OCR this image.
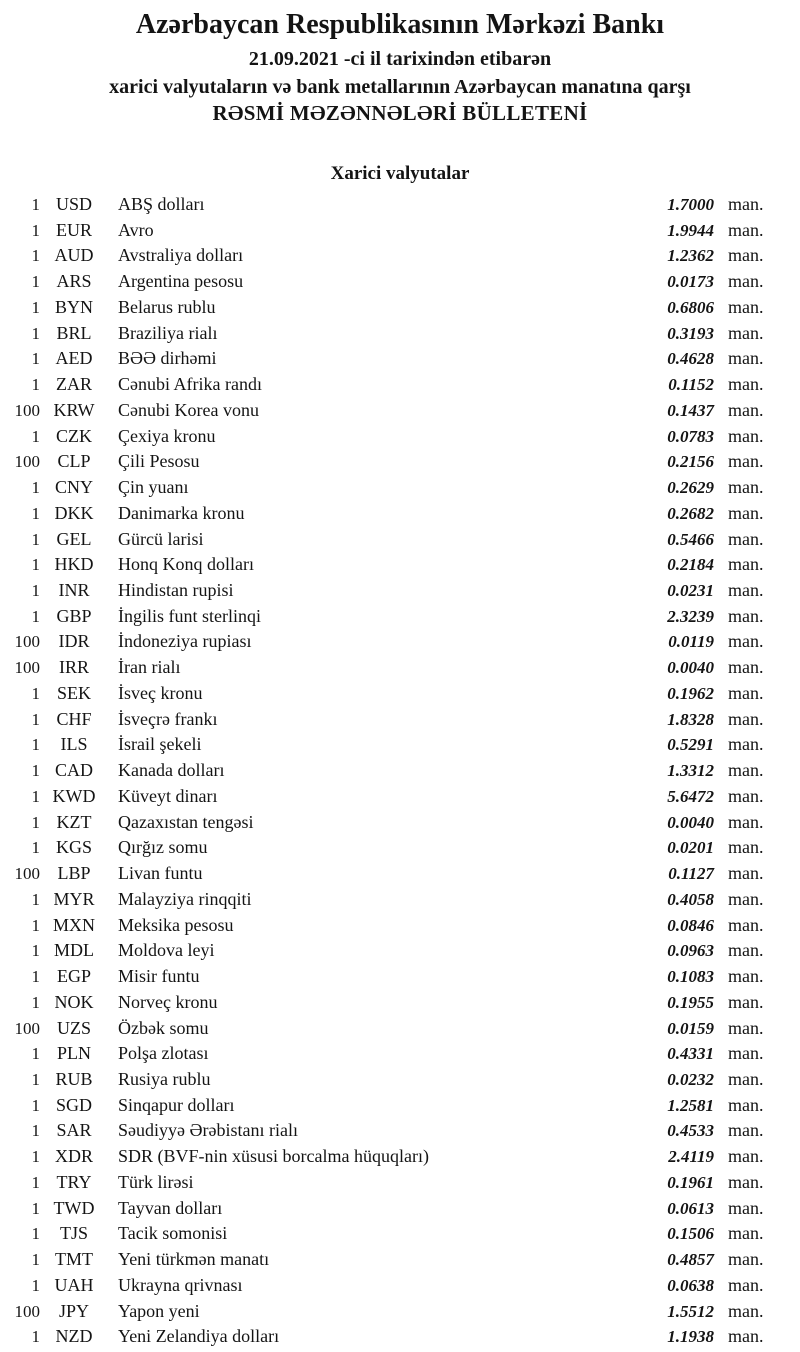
Azərbaycan Respublikasının Mərkəzi Bankı
21.09.2021 -ci il tarixindən etibarən
xarici valyutaların və bank metallarının Azərbaycan manatına qarşı
RƏSMİ MƏZƏNNƏLƏRİ BÜLLETENİ
Xarici valyutalar
1 USD	ABŞ dolları	1.7000 man.
1 EUR	Avro	1.9944 man.
1 AUD	Avstraliya dolları	1.2362 man.
1 ARS	Argentina pesosu	0.0173 man.
1 BYN	Belarus rublu	0.6806 man.
1 BRL	Braziliya rialı	0.3193 man.
1 AED	BƏƏ dirhəmi	0.4628 man.
1 ZAR	Cənubi Afrika randı	0.1152 man.
100 KRW	Cənubi Korea vonu	0.1437 man.
1 CZK	Çexiya kronu	0.0783 man.
100 CLP	Çili Pesosu	0.2156 man.
1 CNY	Çin yuanı	0.2629 man.
1 DKK	Danimarka kronu	0.2682 man.
1 GEL	Gürcü larisi	0.5466 man.
1 HKD	Honq Konq dolları	0.2184 man.
1	INR	Hindistan rupisi	0.0231 man.
1 GBP	İngilis funt sterlinqi	2.3239 man.
100	IDR	İndoneziya rupiası	0.0119 man.
100	IRR	İran rialı	0.0040 man.
1 SEK	İsveç kronu	0.1962 man.
1 CHF	İsveçrə frankı	1.8328 man.
1	ILS	İsrail şekeli	0.5291 man.
1 CAD	Kanada dolları	1.3312 man.
1 KWD	Küveyt dinarı	5.6472 man.
1 KZT	Qazaxıstan tengəsi	0.0040 man.
1 KGS	Qırğız somu	0.0201 man.
100 LBP	Livan funtu	0.1127 man.
1 MYR	Malayziya rinqqiti	0.4058 man.
1 MXN	Meksika pesosu	0.0846 man.
1 MDL	Moldova leyi	0.0963 man.
1 EGP	Misir funtu	0.1083 man.
1 NOK	Norveç kronu	0.1955 man.
100 UZS	Özbək somu	0.0159 man.
1 PLN	Polşa zlotası	0.4331 man.
1 RUB	Rusiya rublu	0.0232 man.
1 SGD	Sinqapur dolları	1.2581 man.
1 SAR	Səudiyyə Ərəbistanı rialı	0.4533 man.
1 XDR	SDR (BVF-nin xüsusi borcalma hüquqları)	2.4119 man.
1 TRY	Türk lirəsi	0.1961 man.
1 TWD	Tayvan dolları	0.0613 man.
1	TJS	Tacik somonisi	0.1506 man.
1 TMT	Yeni türkmən manatı	0.4857 man.
1 UAH	Ukrayna qrivnası	0.0638 man.
100	JPY	Yapon yeni	1.5512 man.
1 NZD	Yeni Zelandiya dolları	1.1938 man.
